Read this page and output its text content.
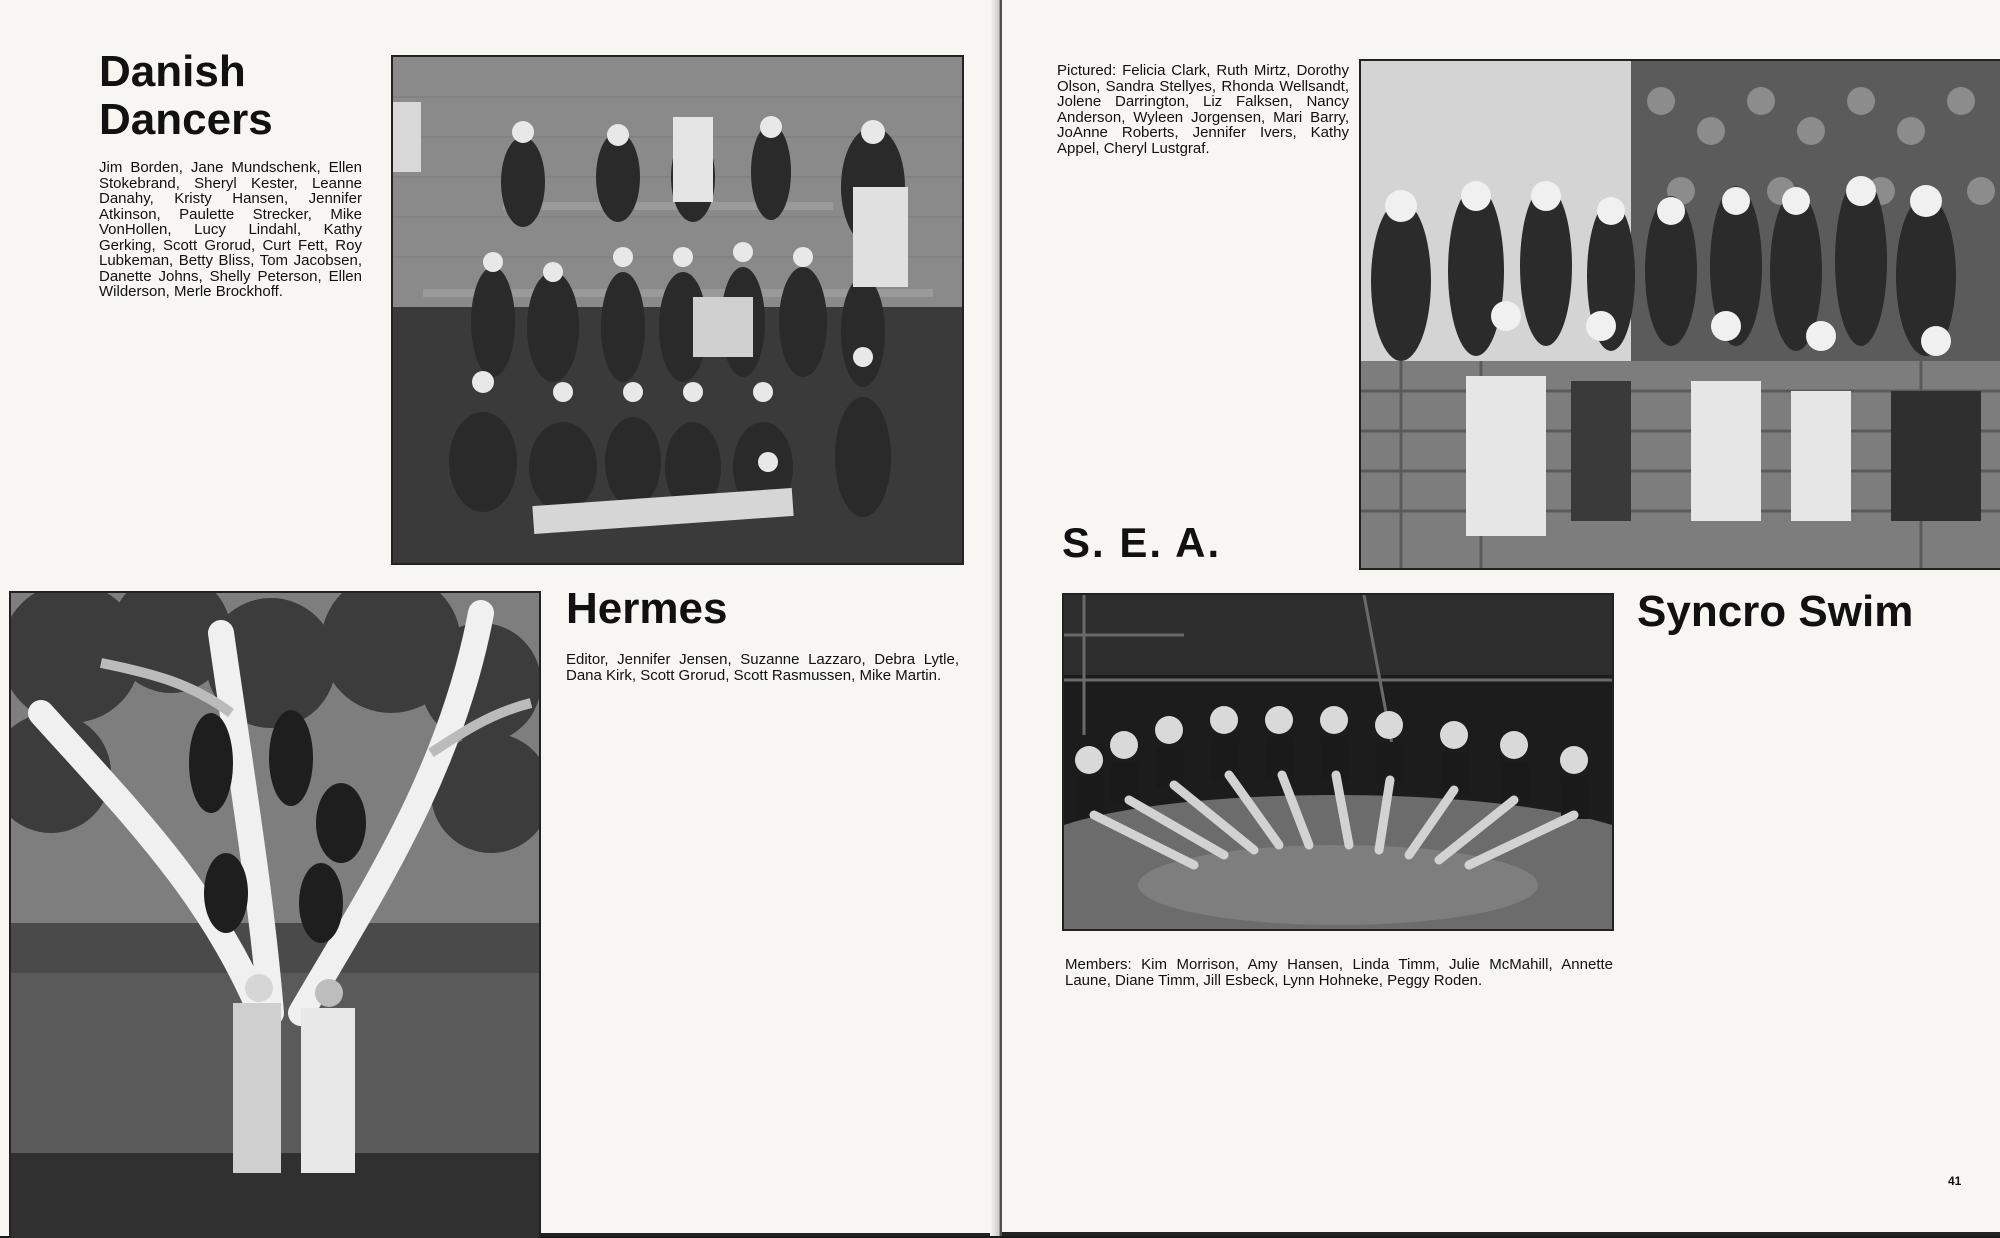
Danish
Dancers

Jim Borden, Jane Mundschenk, Ellen Stokebrand, Sheryl Kester, Leanne Danahy, Kristy Hansen, Jennifer Atkinson, Paulette Strecker, Mike VonHollen, Lucy Lindahl, Kathy Gerking, Scott Grorud, Curt Fett, Roy Lubkeman, Betty Bliss, Tom Jacobsen, Danette Johns, Shelly Peterson, Ellen Wilderson, Merle Brockhoff.

Hermes

Editor, Jennifer Jensen, Suzanne Lazzaro, Debra Lytle, Dana Kirk, Scott Grorud, Scott Rasmussen, Mike Martin.

Pictured: Felicia Clark, Ruth Mirtz, Dorothy Olson, Sandra Stellyes, Rhonda Wellsandt, Jolene Darrington, Liz Falksen, Nancy Anderson, Wyleen Jorgensen, Mari Barry, JoAnne Roberts, Jennifer Ivers, Kathy Appel, Cheryl Lustgraf.

S. E. A.
Syncro Swim

Members: Kim Morrison, Amy Hansen, Linda Timm, Julie McMahill, Annette Laune, Diane Timm, Jill Esbeck, Lynn Hohneke, Peggy Roden.

41
